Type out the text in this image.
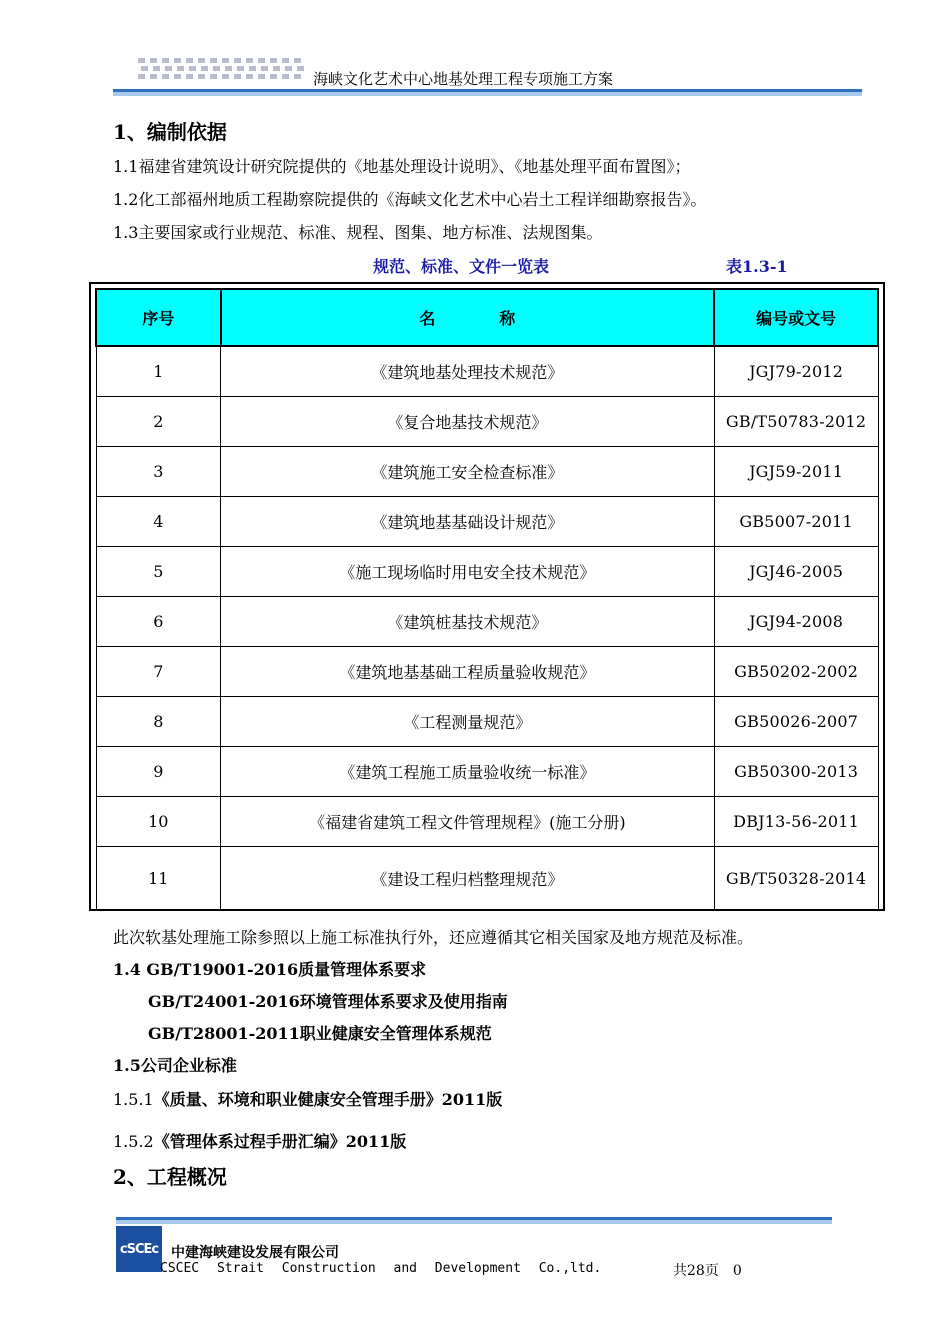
海峡文化艺术中心地基处理工程专项施工方案
1、编制依据
1.1福建省建筑设计研究院提供的《地基处理设计说明》、《地基处理平面布置图》；
1.2化工部福州地质工程勘察院提供的《海峡文化艺术中心岩土工程详细勘察报告》。
1.3主要国家或行业规范、标准、规程、图集、地方标准、法规图集。
规范、标准、文件一览表	表1.3-1
序号	名　　　　称	编号或文号
1	《建筑地基处理技术规范》	JGJ79-2012
2	《复合地基技术规范》	GB/T50783-2012
3	《建筑施工安全检查标准》	JGJ59-2011
4	《建筑地基基础设计规范》	GB5007-2011
5	《施工现场临时用电安全技术规范》	JGJ46-2005
6	《建筑桩基技术规范》	JGJ94-2008
7	《建筑地基基础工程质量验收规范》	GB50202-2002
8	《工程测量规范》	GB50026-2007
9	《建筑工程施工质量验收统一标准》	GB50300-2013
10	《福建省建筑工程文件管理规程》(施工分册)	DBJ13-56-2011
11	《建设工程归档整理规范》	GB/T50328-2014
此次软基处理施工除参照以上施工标准执行外，还应遵循其它相关国家及地方规范及标准。
1.4 GB/T19001-2016质量管理体系要求
GB/T24001-2016环境管理体系要求及使用指南
GB/T28001-2011职业健康安全管理体系规范
1.5公司企业标准
1.5.1《质量、环境和职业健康安全管理手册》2011版
1.5.2《管理体系过程手册汇编》2011版
2、工程概况
cSCEc 中建海峡建设发展有限公司
CSCEC Strait Construction and Development Co.,ltd.	共28页　0
